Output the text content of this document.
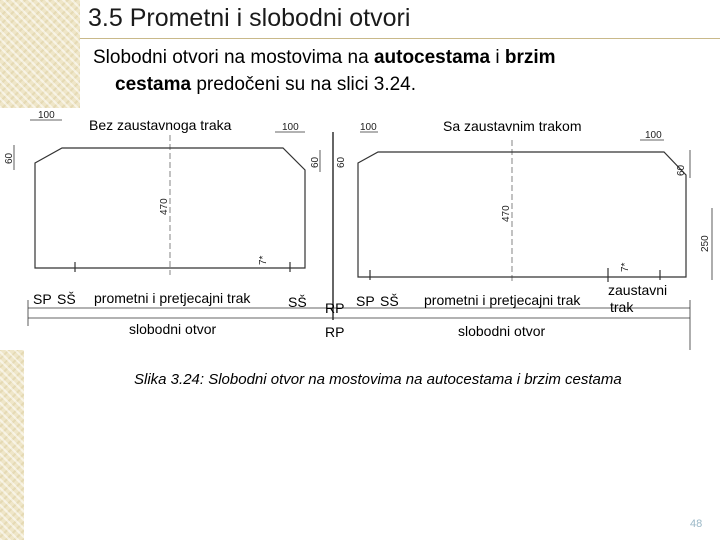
3.5 Prometni i slobodni otvori
Slobodni otvori na mostovima na autocestama i brzim
cestama predočeni su na slici 3.24.
100
100	100
100
60	60 60
60
470	470
7*
7*
250
Bez zaustavnoga traka	Sa zaustavnim trakom
SP SŠ prometni i pretjecajni trak	SŠ RP SP SŠ prometni i pretjecajni trak
zaustavni
trak
slobodni otvor	RP	slobodni otvor
Slika 3.24: Slobodni otvor na mostovima na autocestama i brzim cestama
48
